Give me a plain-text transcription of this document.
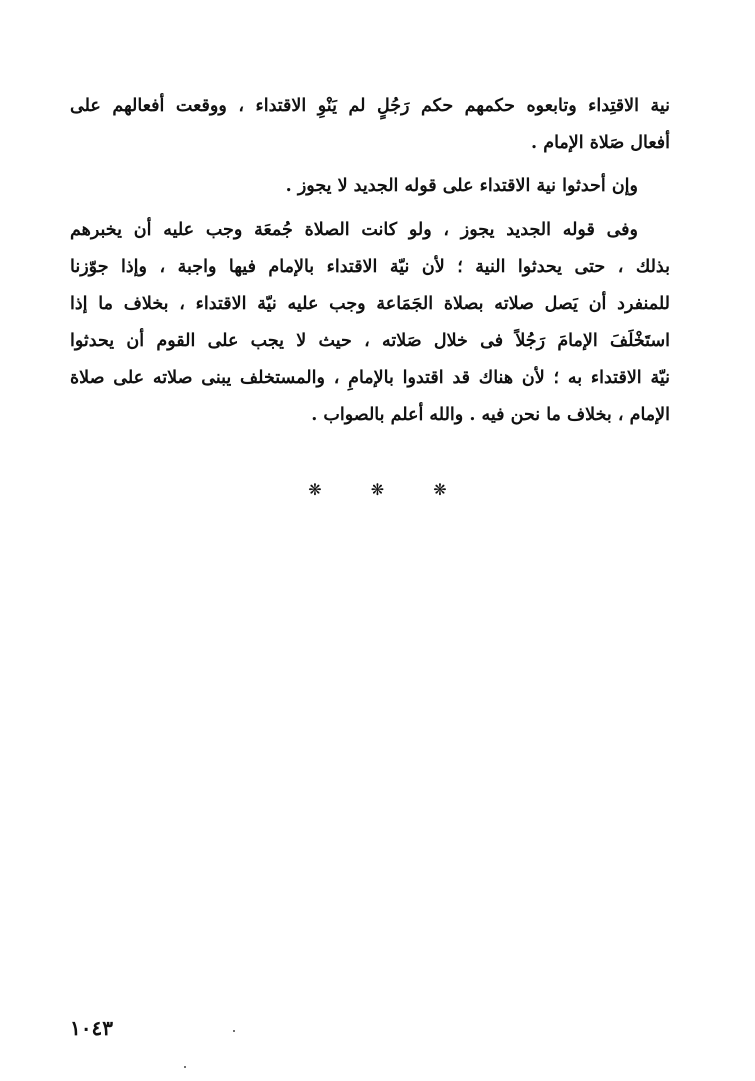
نية الاقتِداء وتابعوه حكمهم حكم رَجُلٍ لم يَنْوِ الاقتداء ، ووقعت أفعالهم على
أفعال صَلاة الإمام .
وإن أحدثوا نية الاقتداء على قوله الجديد لا يجوز .
وفى قوله الجديد يجوز ، ولو كانت الصلاة جُمعَة وجب عليه أن يخبرهم
بذلك ، حتى يحدثوا النية ؛ لأن نيّة الاقتداء بالإمام فيها واجبة ، وإذا جوّزنا
للمنفرد أن يَصل صلاته بصلاة الجَمَاعة وجب عليه نيّة الاقتداء ، بخلاف ما إذا
استَخْلَفَ الإمامَ رَجُلاً فى خلال صَلاته ، حيث لا يجب على القوم أن يحدثوا
نيّة الاقتداء به ؛ لأن هناك قد اقتدوا بالإمامِ ، والمستخلف يبنى صلاته على صلاة
الإمام ، بخلاف ما نحن فيه . والله أعلم بالصواب .
❋	❋	❋
١٠٤٣
